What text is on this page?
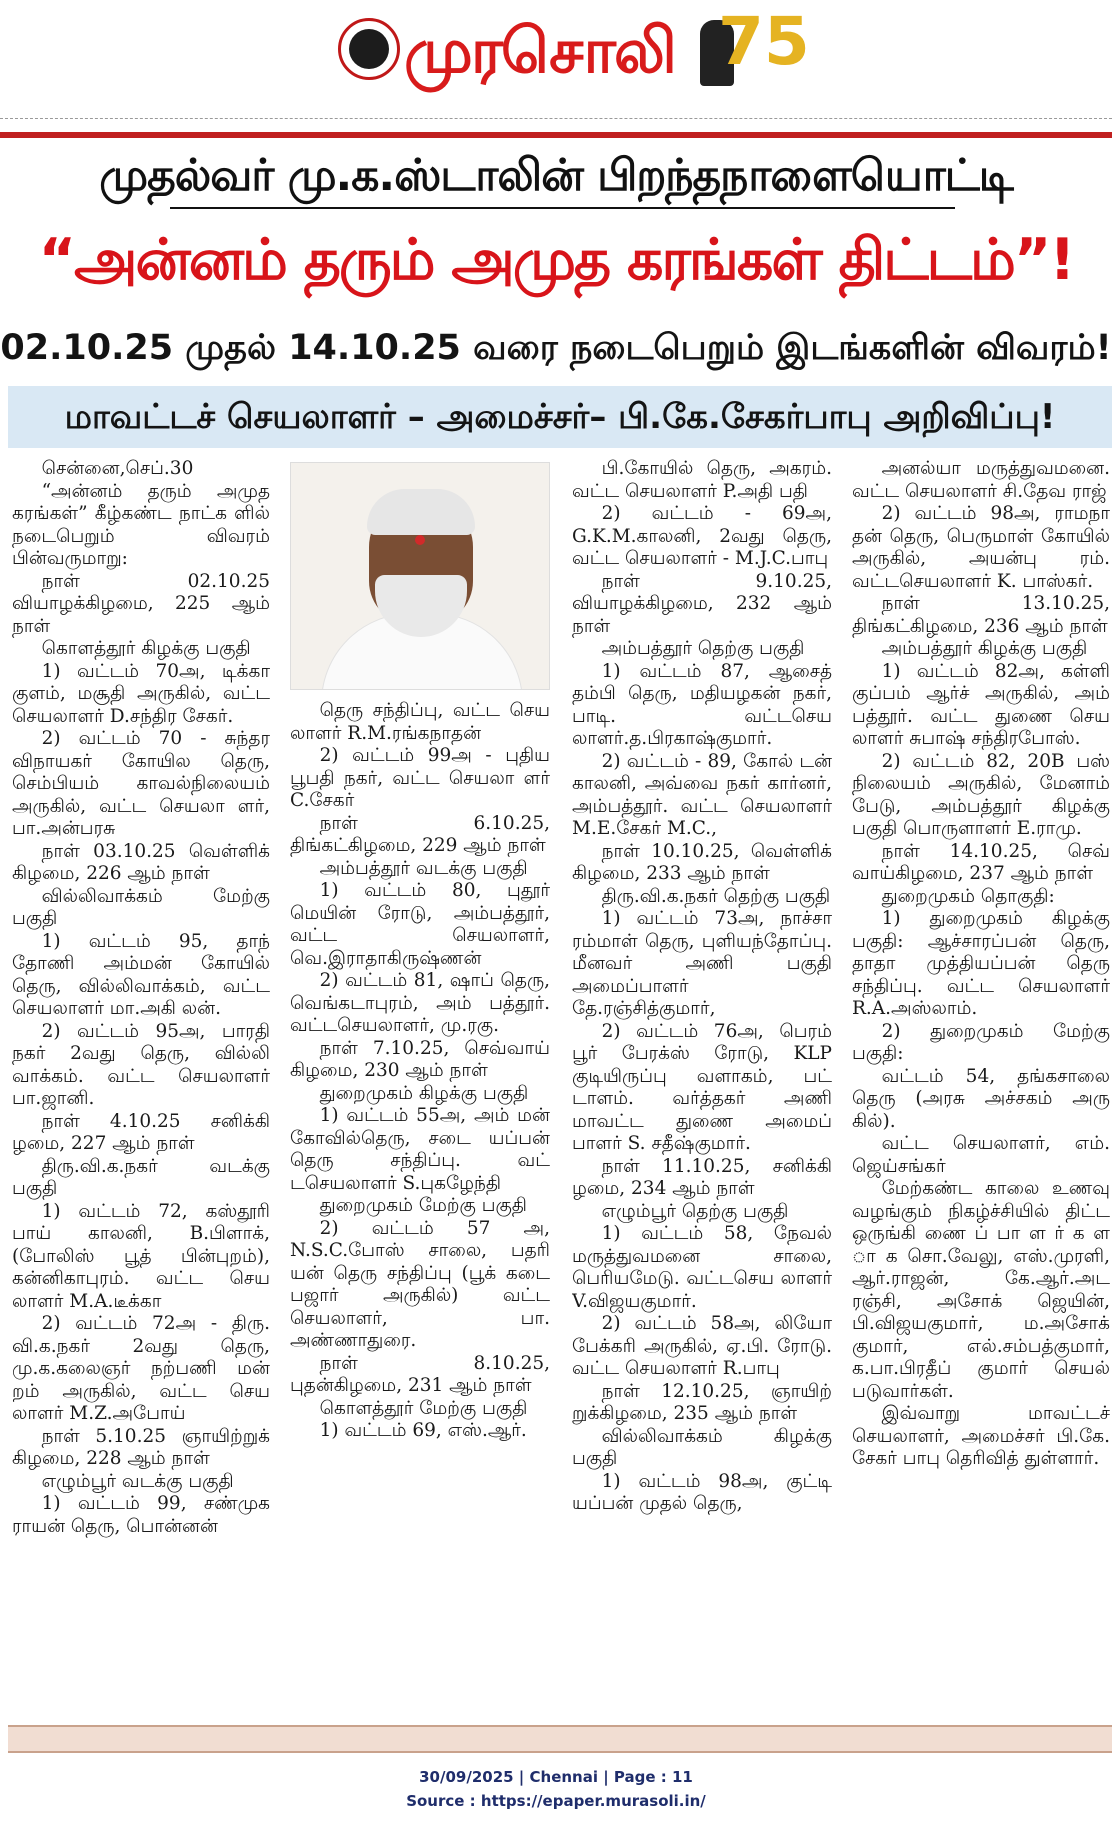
முரசொலி 75
முதல்வர் மு.க.ஸ்டாலின் பிறந்தநாளையொட்டி
“அன்னம் தரும் அமுத கரங்கள் திட்டம்”!
02.10.25 முதல் 14.10.25 வரை நடைபெறும் இடங்களின் விவரம்!
மாவட்டச் செயலாளர் – அமைச்சர்– பி.கே.சேகர்பாபு அறிவிப்பு!

சென்னை,செப்.30

“அன்னம் தரும் அமுத கரங்கள்” கீழ்கண்ட நாட்க ளில் நடைபெறும் விவரம் பின்வருமாறு:

நாள் 02.10.25 வியாழக்கிழமை, 225 ஆம் நாள்

கொளத்தூர் கிழக்கு பகுதி

1) வட்டம் 70அ, டிக்கா குளம், மசூதி அருகில், வட்ட செயலாளர் D.சந்திர சேகர்.

2) வட்டம் 70 - சுந்தர விநாயகர் கோயில தெரு, செம்பியம் காவல்நிலையம் அருகில், வட்ட செயலா ளர், பா.அன்பரசு

நாள் 03.10.25 வெள்ளிக் கிழமை, 226 ஆம் நாள்

வில்லிவாக்கம் மேற்கு பகுதி

1) வட்டம் 95, தாந் தோணி அம்மன் கோயில் தெரு, வில்லிவாக்கம், வட்ட செயலாளர் மா.அகி லன்.

2) வட்டம் 95அ, பாரதி நகர் 2வது தெரு, வில்லி வாக்கம். வட்ட செயலாளர் பா.ஜானி.

நாள் 4.10.25 சனிக்கி ழமை, 227 ஆம் நாள்

திரு.வி.க.நகர் வடக்கு பகுதி

1) வட்டம் 72, கஸ்தூரி பாய் காலனி, B.பிளாக், (போலிஸ் பூத் பின்புறம்), கன்னிகாபுரம். வட்ட செய லாளர் M.A.டீக்கா

2) வட்டம் 72அ - திரு. வி.க.நகர் 2வது தெரு, மு.க.கலைஞர் நற்பணி மன் றம் அருகில், வட்ட செய லாளர் M.Z.அபோய்

நாள் 5.10.25 ஞாயிற்றுக் கிழமை, 228 ஆம் நாள்

எழும்பூர் வடக்கு பகுதி

1) வட்டம் 99, சண்முக ராயன் தெரு, பொன்னன்

தெரு சந்திப்பு, வட்ட செய லாளர் R.M.ரங்கநாதன்

2) வட்டம் 99அ - புதிய பூபதி நகர், வட்ட செயலா ளர் C.சேகர்

நாள் 6.10.25, திங்கட்கிழமை, 229 ஆம் நாள்

அம்பத்தூர் வடக்கு பகுதி

1) வட்டம் 80, புதூர் மெயின் ரோடு, அம்பத்தூர், வட்ட செயலாளர், வெ.இராதாகிருஷ்ணன்

2) வட்டம் 81, ஷாப் தெரு, வெங்கடாபுரம், அம் பத்தூர். வட்டசெயலாளர், மு.ரகு.

நாள் 7.10.25, செவ்வாய் கிழமை, 230 ஆம் நாள்

துறைமுகம் கிழக்கு பகுதி

1) வட்டம் 55அ, அம் மன் கோவில்தெரு, சடை யப்பன் தெரு சந்திப்பு. வட் டசெயலாளர் S.புகழேந்தி

துறைமுகம் மேற்கு பகுதி

2) வட்டம் 57 அ, N.S.C.போஸ் சாலை, பதரி யன் தெரு சந்திப்பு (பூக் கடை பஜார் அருகில்) வட்ட செயலாளர், பா. அண்ணாதுரை.

நாள் 8.10.25, புதன்கிழமை, 231 ஆம் நாள்

கொளத்தூர் மேற்கு பகுதி

1) வட்டம் 69, எஸ்.ஆர்.

பி.கோயில் தெரு, அகரம். வட்ட செயலாளர் P.அதி பதி

2) வட்டம் - 69அ, G.K.M.காலனி, 2வது தெரு, வட்ட செயலாளர் - M.J.C.பாபு

நாள் 9.10.25, வியாழக்கிழமை, 232 ஆம் நாள்

அம்பத்தூர் தெற்கு பகுதி

1) வட்டம் 87, ஆசைத் தம்பி தெரு, மதியழகன் நகர், பாடி. வட்டசெய லாளர்.த.பிரகாஷ்குமார்.

2) வட்டம் - 89, கோல் டன் காலனி, அவ்வை நகர் கார்னர், அம்பத்தூர். வட்ட செயலாளர் M.E.சேகர் M.C.,

நாள் 10.10.25, வெள்ளிக் கிழமை, 233 ஆம் நாள்

திரு.வி.க.நகர் தெற்கு பகுதி

1) வட்டம் 73அ, நாச்சா ரம்மாள் தெரு, புளியந்தோப்பு. மீனவர் அணி பகுதி அமைப்பாளர் தே.ரஞ்சித்குமார்,

2) வட்டம் 76அ, பெரம் பூர் பேரக்ஸ் ரோடு, KLP குடியிருப்பு வளாகம், பட் டாளம். வர்த்தகர் அணி மாவட்ட துணை அமைப் பாளர் S. சதீஷ்குமார்.

நாள் 11.10.25, சனிக்கி ழமை, 234 ஆம் நாள்

எழும்பூர் தெற்கு பகுதி

1) வட்டம் 58, நேவல் மருத்துவமனை சாலை, பெரியமேடு. வட்டசெய லாளர் V.விஜயகுமார்.

2) வட்டம் 58அ, லியோ பேக்கரி அருகில், ஏ.பி. ரோடு. வட்ட செயலாளர் R.பாபு

நாள் 12.10.25, ஞாயிற் றுக்கிழமை, 235 ஆம் நாள்

வில்லிவாக்கம் கிழக்கு பகுதி

1) வட்டம் 98அ, குட்டி யப்பன் முதல் தெரு,

அனல்யா மருத்துவமனை. வட்ட செயலாளர் சி.தேவ ராஜ்

2) வட்டம் 98அ, ராமநா தன் தெரு, பெருமாள் கோயில் அருகில், அயன்பு ரம். வட்டசெயலாளர் K. பாஸ்கர்.

நாள் 13.10.25, திங்கட்கிழமை, 236 ஆம் நாள்

அம்பத்தூர் கிழக்கு பகுதி

1) வட்டம் 82அ, கள்ளி குப்பம் ஆர்ச் அருகில், அம் பத்தூர். வட்ட துணை செய லாளர் சுபாஷ் சந்திரபோஸ்.

2) வட்டம் 82, 20B பஸ் நிலையம் அருகில், மேனாம் பேடு, அம்பத்தூர் கிழக்கு பகுதி பொருளாளர் E.ராமு.

நாள் 14.10.25, செவ் வாய்கிழமை, 237 ஆம் நாள்

துறைமுகம் தொகுதி:

1) துறைமுகம் கிழக்கு பகுதி: ஆச்சாரப்பன் தெரு, தாதா முத்தியப்பன் தெரு சந்திப்பு. வட்ட செயலாளர் R.A.அஸ்லாம்.

2) துறைமுகம் மேற்கு பகுதி:

வட்டம் 54, தங்கசாலை தெரு (அரசு அச்சகம் அரு கில்).

வட்ட செயலாளர், எம். ஜெய்சங்கர்

மேற்கண்ட காலை உணவு வழங்கும் நிகழ்ச்சியில் திட்ட ஒருங்கி ணை ப் பா ள ர் க ள ா க சொ.வேலு, எஸ்.முரளி, ஆர்.ராஜன், கே.ஆர்.அட ரஞ்சி, அசோக் ஜெயின், பி.விஜயகுமார், ம.அசோக் குமார், எல்.சம்பத்குமார், க.பா.பிரதீப் குமார் செயல் படுவார்கள்.

இவ்வாறு மாவட்டச் செயலாளர், அமைச்சர் பி.கே. சேகர் பாபு தெரிவித் துள்ளார்.

30/09/2025 | Chennai | Page : 11
Source : https://epaper.murasoli.in/
